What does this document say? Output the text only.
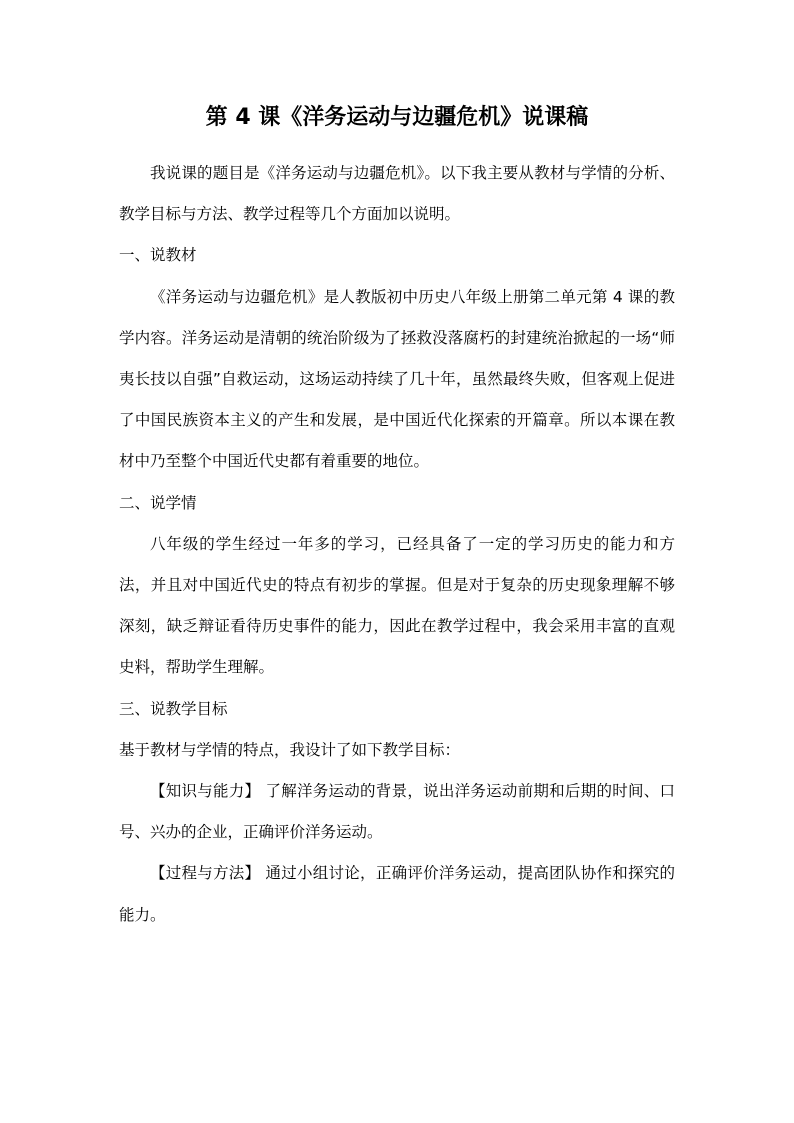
第 4 课《洋务运动与边疆危机》说课稿

我说课的题目是《洋务运动与边疆危机》。以下我主要从教材与学情的分析、教学目标与方法、教学过程等几个方面加以说明。

一、说教材

《洋务运动与边疆危机》是人教版初中历史八年级上册第二单元第 4 课的教学内容。洋务运动是清朝的统治阶级为了拯救没落腐朽的封建统治掀起的一场“师夷长技以自强”自救运动，这场运动持续了几十年，虽然最终失败，但客观上促进了中国民族资本主义的产生和发展，是中国近代化探索的开篇章。所以本课在教材中乃至整个中国近代史都有着重要的地位。

二、说学情

八年级的学生经过一年多的学习，已经具备了一定的学习历史的能力和方法，并且对中国近代史的特点有初步的掌握。但是对于复杂的历史现象理解不够深刻，缺乏辩证看待历史事件的能力，因此在教学过程中，我会采用丰富的直观史料，帮助学生理解。

三、说教学目标

基于教材与学情的特点，我设计了如下教学目标：

【知识与能力】 了解洋务运动的背景，说出洋务运动前期和后期的时间、口号、兴办的企业，正确评价洋务运动。

【过程与方法】 通过小组讨论，正确评价洋务运动，提高团队协作和探究的能力。
